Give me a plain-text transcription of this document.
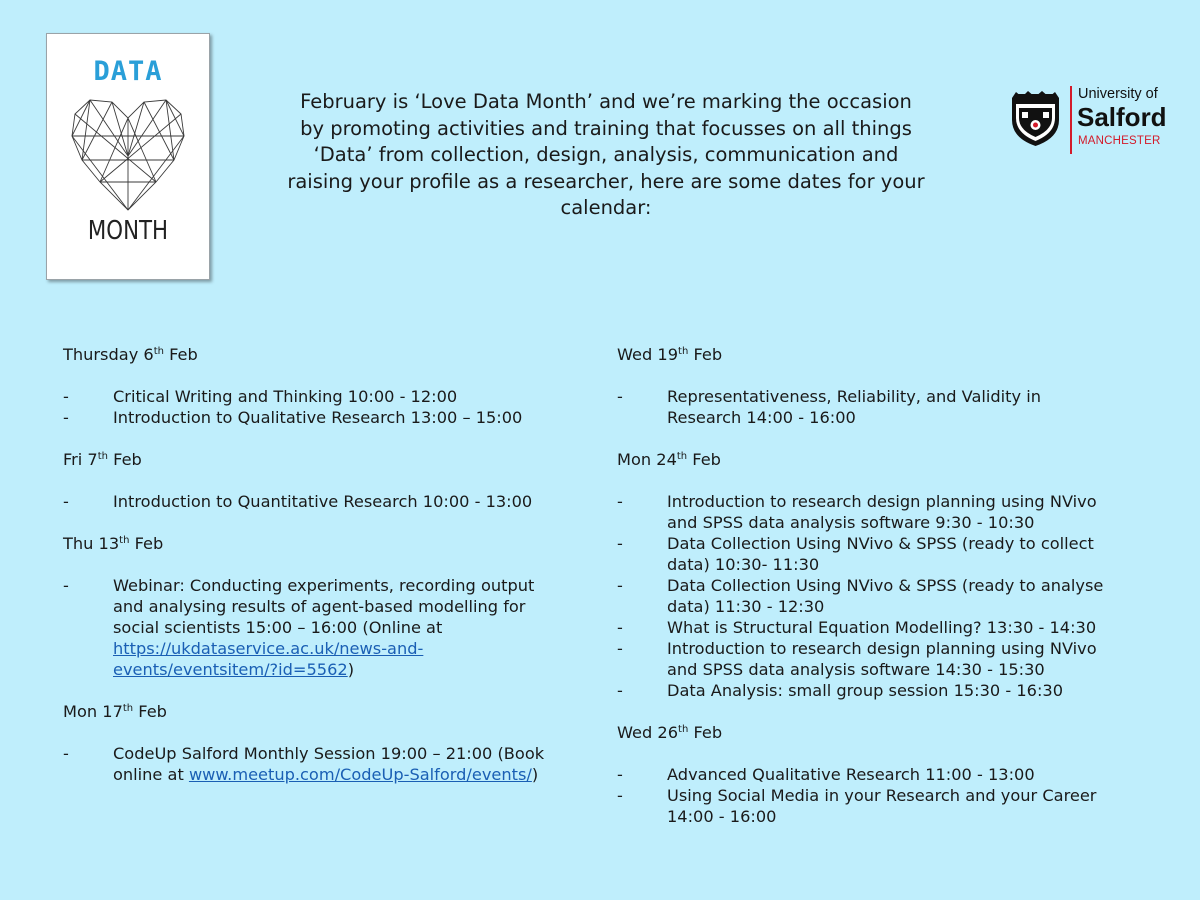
DATA
MONTH
February is ‘Love Data Month’ and we’re marking the occasion
by promoting activities and training that focusses on all things
‘Data’ from collection, design, analysis, communication and
raising your profile as a researcher, here are some dates for your
calendar:
University of
Salford
MANCHESTER
Thursday 6th Feb
-	Critical Writing and Thinking 10:00 - 12:00
-	Introduction to Qualitative Research 13:00 – 15:00
Fri 7th Feb
-	Introduction to Quantitative Research 10:00 - 13:00
Thu 13th Feb
-	Webinar: Conducting experiments, recording output
and analysing results of agent-based modelling for
social scientists 15:00 – 16:00 (Online at
https://ukdataservice.ac.uk/news-and-
events/eventsitem/?id=5562)
Mon 17th Feb
-	CodeUp Salford Monthly Session 19:00 – 21:00 (Book
online at www.meetup.com/CodeUp-Salford/events/)
Wed 19th Feb
-	Representativeness, Reliability, and Validity in
Research 14:00 - 16:00
Mon 24th Feb
-	Introduction to research design planning using NVivo
and SPSS data analysis software 9:30 - 10:30
-	Data Collection Using NVivo & SPSS (ready to collect
data) 10:30- 11:30
-	Data Collection Using NVivo & SPSS (ready to analyse
data) 11:30 - 12:30
-	What is Structural Equation Modelling? 13:30 - 14:30
-	Introduction to research design planning using NVivo
and SPSS data analysis software 14:30 - 15:30
-	Data Analysis: small group session 15:30 - 16:30
Wed 26th Feb
-	Advanced Qualitative Research 11:00 - 13:00
-	Using Social Media in your Research and your Career
14:00 - 16:00
